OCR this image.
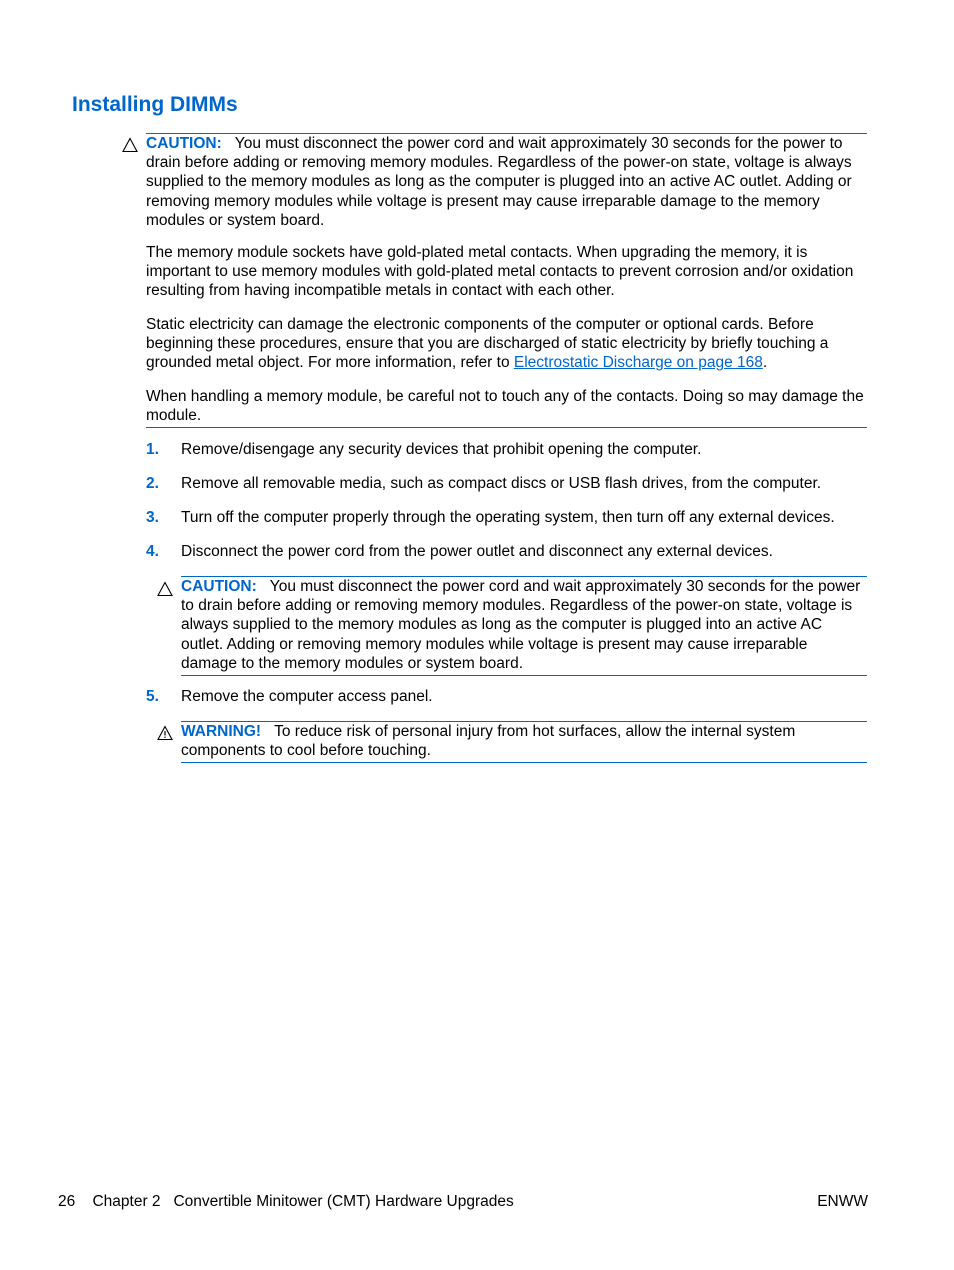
Installing DIMMs

CAUTION: You must disconnect the power cord and wait approximately 30 seconds for the power to drain before adding or removing memory modules. Regardless of the power-on state, voltage is always supplied to the memory modules as long as the computer is plugged into an active AC outlet. Adding or removing memory modules while voltage is present may cause irreparable damage to the memory modules or system board.

The memory module sockets have gold-plated metal contacts. When upgrading the memory, it is important to use memory modules with gold-plated metal contacts to prevent corrosion and/or oxidation resulting from having incompatible metals in contact with each other.

Static electricity can damage the electronic components of the computer or optional cards. Before beginning these procedures, ensure that you are discharged of static electricity by briefly touching a grounded metal object. For more information, refer to Electrostatic Discharge on page 168.

When handling a memory module, be careful not to touch any of the contacts. Doing so may damage the module.

1. Remove/disengage any security devices that prohibit opening the computer.
2. Remove all removable media, such as compact discs or USB flash drives, from the computer.
3. Turn off the computer properly through the operating system, then turn off any external devices.
4. Disconnect the power cord from the power outlet and disconnect any external devices.

CAUTION: You must disconnect the power cord and wait approximately 30 seconds for the power to drain before adding or removing memory modules. Regardless of the power-on state, voltage is always supplied to the memory modules as long as the computer is plugged into an active AC outlet. Adding or removing memory modules while voltage is present may cause irreparable damage to the memory modules or system board.

5. Remove the computer access panel.

WARNING! To reduce risk of personal injury from hot surfaces, allow the internal system components to cool before touching.

26 Chapter 2 Convertible Minitower (CMT) Hardware Upgrades	ENWW
